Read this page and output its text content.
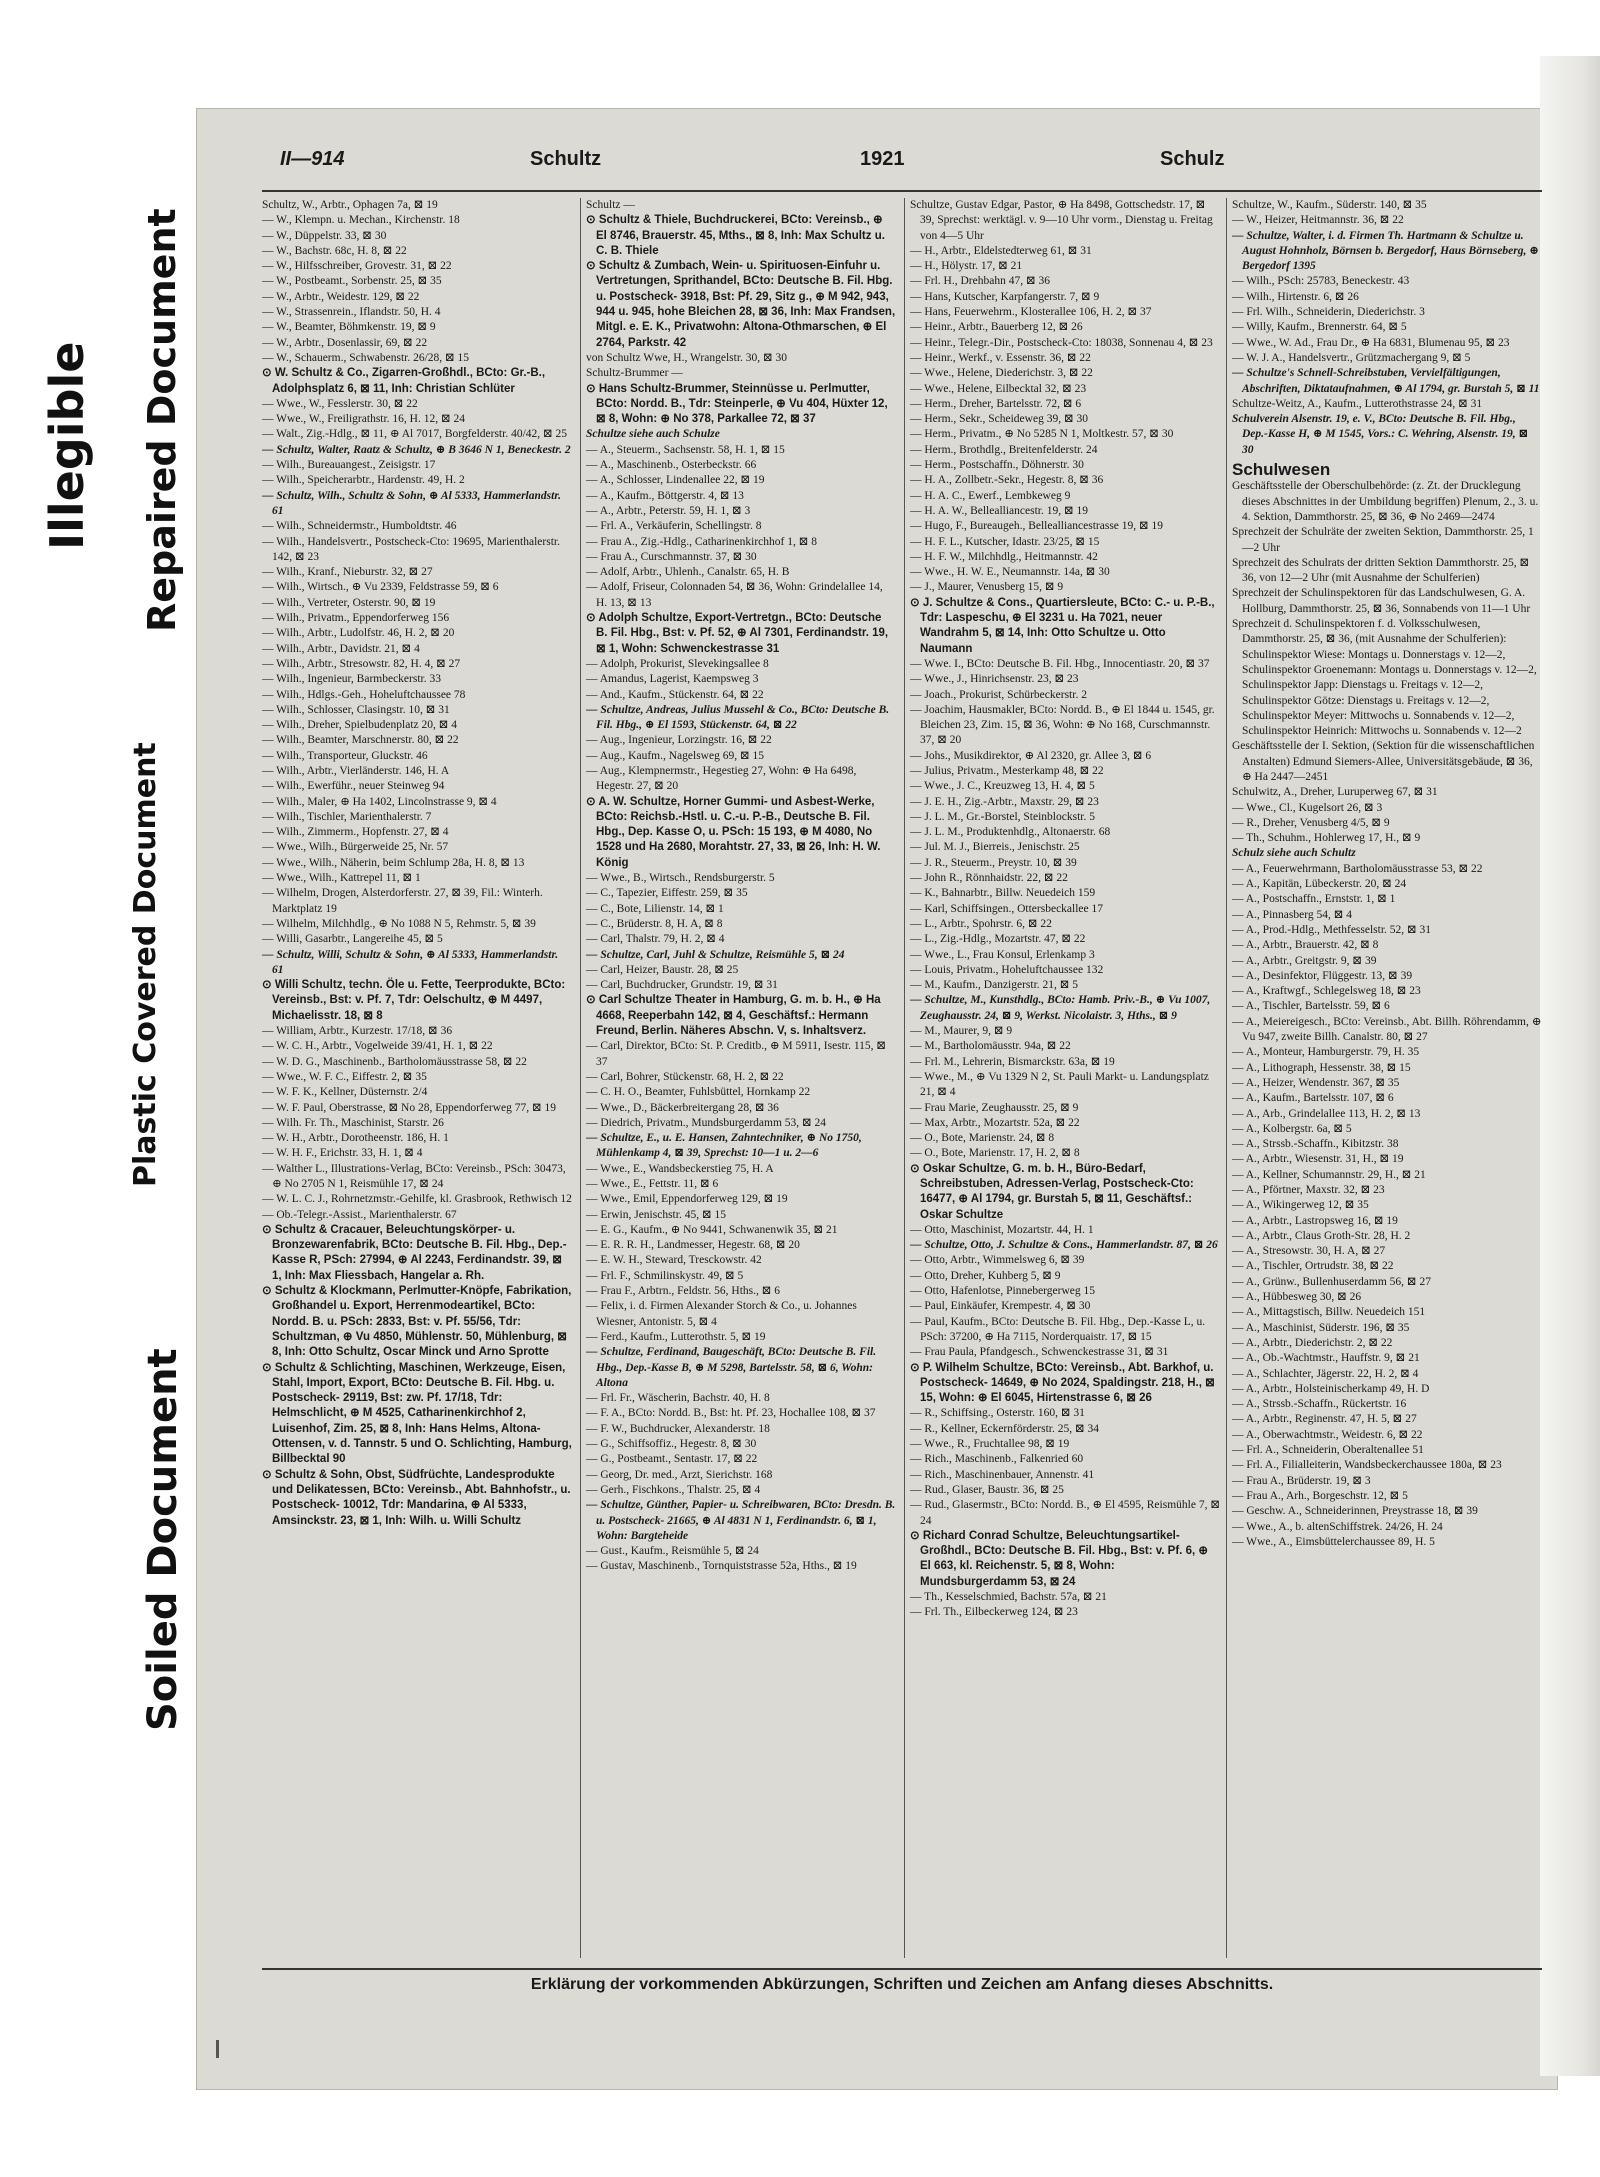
Illegible Repaired Document
Plastic Covered Document
Soiled Document
II—914	Schultz	1921	Schulz
Schultz, W., Arbtr., Ophagen 7a, ⊠ 19
— W., Klempn. u. Mechan., Kirchenstr. 18
— W., Düppelstr. 33, ⊠ 30
— W., Bachstr. 68c, H. 8, ⊠ 22
— W., Hilfsschreiber, Grovestr. 31, ⊠ 22
— W., Postbeamt., Sorbenstr. 25, ⊠ 35
— W., Arbtr., Weidestr. 129, ⊠ 22
— W., Strassenrein., Iflandstr. 50, H. 4
— W., Beamter, Böhmkenstr. 19, ⊠ 9
— W., Arbtr., Dosenlassir, 69, ⊠ 22
— W., Schauerm., Schwabenstr. 26/28, ⊠ 15
⊙ W. Schultz & Co., Zigarren-Großhdl., BCto: Gr.-B., Adolphsplatz 6, ⊠ 11, Inh: Christian Schlüter
— Wwe., W., Fesslerstr. 30, ⊠ 22
— Wwe., W., Freiligrathstr. 16, H. 12, ⊠ 24
— Walt., Zig.-Hdlg., ⊠ 11, ⊕ Al 7017, Borgfelderstr. 40/42, ⊠ 25
— Schultz, Walter, Raatz & Schultz, ⊕ B 3646 N 1, Beneckestr. 2
— Wilh., Bureauangest., Zeisigstr. 17
— Wilh., Speicherarbtr., Hardenstr. 49, H. 2
— Schultz, Wilh., Schultz & Sohn, ⊕ Al 5333, Hammerlandstr. 61
— Wilh., Schneidermstr., Humboldtstr. 46
— Wilh., Handelsvertr., Postscheck-Cto: 19695, Marienthalerstr. 142, ⊠ 23
— Wilh., Kranf., Nieburstr. 32, ⊠ 27
— Wilh., Wirtsch., ⊕ Vu 2339, Feldstrasse 59, ⊠ 6
— Wilh., Vertreter, Osterstr. 90, ⊠ 19
— Wilh., Privatm., Eppendorferweg 156
— Wilh., Arbtr., Ludolfstr. 46, H. 2, ⊠ 20
— Wilh., Arbtr., Davidstr. 21, ⊠ 4
— Wilh., Arbtr., Stresowstr. 82, H. 4, ⊠ 27
— Wilh., Ingenieur, Barmbeckerstr. 33
— Wilh., Hdlgs.-Geh., Hoheluftchaussee 78
— Wilh., Schlosser, Clasingstr. 10, ⊠ 31
— Wilh., Dreher, Spielbudenplatz 20, ⊠ 4
— Wilh., Beamter, Marschnerstr. 80, ⊠ 22
— Wilh., Transporteur, Gluckstr. 46
— Wilh., Arbtr., Vierländerstr. 146, H. A
— Wilh., Ewerführ., neuer Steinweg 94
— Wilh., Maler, ⊕ Ha 1402, Lincolnstrasse 9, ⊠ 4
— Wilh., Tischler, Marienthalerstr. 7
— Wilh., Zimmerm., Hopfenstr. 27, ⊠ 4
— Wwe., Wilh., Bürgerweide 25, Nr. 57
— Wwe., Wilh., Näherin, beim Schlump 28a, H. 8, ⊠ 13
— Wwe., Wilh., Kattrepel 11, ⊠ 1
— Wilhelm, Drogen, Alsterdorferstr. 27, ⊠ 39, Fil.: Winterh. Marktplatz 19
— Wilhelm, Milchhdlg., ⊕ No 1088 N 5, Rehmstr. 5, ⊠ 39
— Willi, Gasarbtr., Langereihe 45, ⊠ 5
— Schultz, Willi, Schultz & Sohn, ⊕ Al 5333, Hammerlandstr. 61
⊙ Willi Schultz, techn. Öle u. Fette, Teerprodukte, BCto: Vereinsb., Bst: v. Pf. 7, Tdr: Oelschultz, ⊕ M 4497, Michaelisstr. 18, ⊠ 8
— William, Arbtr., Kurzestr. 17/18, ⊠ 36
— W. C. H., Arbtr., Vogelweide 39/41, H. 1, ⊠ 22
— W. D. G., Maschinenb., Bartholomäusstrasse 58, ⊠ 22
— Wwe., W. F. C., Eiffestr. 2, ⊠ 35
— W. F. K., Kellner, Düsternstr. 2/4
— W. F. Paul, Oberstrasse, ⊠ No 28, Eppendorferweg 77, ⊠ 19
— Wilh. Fr. Th., Maschinist, Starstr. 26
— W. H., Arbtr., Dorotheenstr. 186, H. 1
— W. H. F., Erichstr. 33, H. 1, ⊠ 4
— Walther L., Illustrations-Verlag, BCto: Vereinsb., PSch: 30473, ⊕ No 2705 N 1, Reismühle 17, ⊠ 24
— W. L. C. J., Rohrnetzmstr.-Gehilfe, kl. Grasbrook, Rethwisch 12
— Ob.-Telegr.-Assist., Marienthalerstr. 67
⊙ Schultz & Cracauer, Beleuchtungskörper- u. Bronzewarenfabrik, BCto: Deutsche B. Fil. Hbg., Dep.-Kasse R, PSch: 27994, ⊕ Al 2243, Ferdinandstr. 39, ⊠ 1, Inh: Max Fliessbach, Hangelar a. Rh.
⊙ Schultz & Klockmann, Perlmutter-Knöpfe, Fabrikation, Großhandel u. Export, Herrenmodeartikel, BCto: Nordd. B. u. PSch: 2833, Bst: v. Pf. 55/56, Tdr: Schultzman, ⊕ Vu 4850, Mühlenstr. 50, Mühlenburg, ⊠ 8, Inh: Otto Schultz, Oscar Minck und Arno Sprotte
⊙ Schultz & Schlichting, Maschinen, Werkzeuge, Eisen, Stahl, Import, Export, BCto: Deutsche B. Fil. Hbg. u. Postscheck- 29119, Bst: zw. Pf. 17/18, Tdr: Helmschlicht, ⊕ M 4525, Catharinenkirchhof 2, Luisenhof, Zim. 25, ⊠ 8, Inh: Hans Helms, Altona-Ottensen, v. d. Tannstr. 5 und O. Schlichting, Hamburg, Billbecktal 90
⊙ Schultz & Sohn, Obst, Südfrüchte, Landesprodukte und Delikatessen, BCto: Vereinsb., Abt. Bahnhofstr., u. Postscheck- 10012, Tdr: Mandarina, ⊕ Al 5333, Amsinckstr. 23, ⊠ 1, Inh: Wilh. u. Willi Schultz
Schultz —
⊙ Schultz & Thiele, Buchdruckerei, BCto: Vereinsb., ⊕ El 8746, Brauerstr. 45, Mths., ⊠ 8, Inh: Max Schultz u. C. B. Thiele
⊙ Schultz & Zumbach, Wein- u. Spirituosen-Einfuhr u. Vertretungen, Sprithandel, BCto: Deutsche B. Fil. Hbg. u. Postscheck- 3918, Bst: Pf. 29, Sitz g., ⊕ M 942, 943, 944 u. 945, hohe Bleichen 28, ⊠ 36, Inh: Max Frandsen, Mitgl. e. E. K., Privatwohn: Altona-Othmarschen, ⊕ El 2764, Parkstr. 42
von Schultz Wwe, H., Wrangelstr. 30, ⊠ 30
Schultz-Brummer —
⊙ Hans Schultz-Brummer, Steinnüsse u. Perlmutter, BCto: Nordd. B., Tdr: Steinperle, ⊕ Vu 404, Hüxter 12, ⊠ 8, Wohn: ⊕ No 378, Parkallee 72, ⊠ 37
Schultze siehe auch Schulze
— A., Steuerm., Sachsenstr. 58, H. 1, ⊠ 15
— A., Maschinenb., Osterbeckstr. 66
— A., Schlosser, Lindenallee 22, ⊠ 19
— A., Kaufm., Böttgerstr. 4, ⊠ 13
— A., Arbtr., Peterstr. 59, H. 1, ⊠ 3
— Frl. A., Verkäuferin, Schellingstr. 8
— Frau A., Zig.-Hdlg., Catharinenkirchhof 1, ⊠ 8
— Frau A., Curschmannstr. 37, ⊠ 30
— Adolf, Arbtr., Uhlenh., Canalstr. 65, H. B
— Adolf, Friseur, Colonnaden 54, ⊠ 36, Wohn: Grindelallee 14, H. 13, ⊠ 13
⊙ Adolph Schultze, Export-Vertretgn., BCto: Deutsche B. Fil. Hbg., Bst: v. Pf. 52, ⊕ Al 7301, Ferdinandstr. 19, ⊠ 1, Wohn: Schwenckestrasse 31
— Adolph, Prokurist, Slevekingsallee 8
— Amandus, Lagerist, Kaempsweg 3
— And., Kaufm., Stückenstr. 64, ⊠ 22
— Schultze, Andreas, Julius Mussehl & Co., BCto: Deutsche B. Fil. Hbg., ⊕ El 1593, Stückenstr. 64, ⊠ 22
— Aug., Ingenieur, Lorzingstr. 16, ⊠ 22
— Aug., Kaufm., Nagelsweg 69, ⊠ 15
— Aug., Klempnermstr., Hegestieg 27, Wohn: ⊕ Ha 6498, Hegestr. 27, ⊠ 20
⊙ A. W. Schultze, Horner Gummi- und Asbest-Werke, BCto: Reichsb.-Hstl. u. C.-u. P.-B., Deutsche B. Fil. Hbg., Dep. Kasse O, u. PSch: 15 193, ⊕ M 4080, No 1528 und Ha 2680, Morahtstr. 27, 33, ⊠ 26, Inh: H. W. König
— Wwe., B., Wirtsch., Rendsburgerstr. 5
— C., Tapezier, Eiffestr. 259, ⊠ 35
— C., Bote, Lilienstr. 14, ⊠ 1
— C., Brüderstr. 8, H. A, ⊠ 8
— Carl, Thalstr. 79, H. 2, ⊠ 4
— Schultze, Carl, Juhl & Schultze, Reismühle 5, ⊠ 24
— Carl, Heizer, Baustr. 28, ⊠ 25
— Carl, Buchdrucker, Grundstr. 19, ⊠ 31
⊙ Carl Schultze Theater in Hamburg, G. m. b. H., ⊕ Ha 4668, Reeperbahn 142, ⊠ 4, Geschäftsf.: Hermann Freund, Berlin. Näheres Abschn. V, s. Inhaltsverz.
— Carl, Direktor, BCto: St. P. Creditb., ⊕ M 5911, Isestr. 115, ⊠ 37
— Carl, Bohrer, Stückenstr. 68, H. 2, ⊠ 22
— C. H. O., Beamter, Fuhlsbüttel, Hornkamp 22
— Wwe., D., Bäckerbreitergang 28, ⊠ 36
— Diedrich, Privatm., Mundsburgerdamm 53, ⊠ 24
— Schultze, E., u. E. Hansen, Zahntechniker, ⊕ No 1750, Mühlenkamp 4, ⊠ 39, Sprechst: 10—1 u. 2—6
— Wwe., E., Wandsbeckerstieg 75, H. A
— Wwe., E., Fettstr. 11, ⊠ 6
— Wwe., Emil, Eppendorferweg 129, ⊠ 19
— Erwin, Jenischstr. 45, ⊠ 15
— E. G., Kaufm., ⊕ No 9441, Schwanenwik 35, ⊠ 21
— E. R. R. H., Landmesser, Hegestr. 68, ⊠ 20
— E. W. H., Steward, Tresckowstr. 42
— Frl. F., Schmilinskystr. 49, ⊠ 5
— Frau F., Arbtrn., Feldstr. 56, Hths., ⊠ 6
— Felix, i. d. Firmen Alexander Storch & Co., u. Johannes Wiesner, Antonistr. 5, ⊠ 4
— Ferd., Kaufm., Lutterothstr. 5, ⊠ 19
— Schultze, Ferdinand, Baugeschäft, BCto: Deutsche B. Fil. Hbg., Dep.-Kasse B, ⊕ M 5298, Bartelsstr. 58, ⊠ 6, Wohn: Altona
— Frl. Fr., Wäscherin, Bachstr. 40, H. 8
— F. A., BCto: Nordd. B., Bst: ht. Pf. 23, Hochallee 108, ⊠ 37
— F. W., Buchdrucker, Alexanderstr. 18
— G., Schiffsoffiz., Hegestr. 8, ⊠ 30
— G., Postbeamt., Sentastr. 17, ⊠ 22
— Georg, Dr. med., Arzt, Sierichstr. 168
— Gerh., Fischkons., Thalstr. 25, ⊠ 4
— Schultze, Günther, Papier- u. Schreibwaren, BCto: Dresdn. B. u. Postscheck- 21665, ⊕ Al 4831 N 1, Ferdinandstr. 6, ⊠ 1, Wohn: Bargteheide
— Gust., Kaufm., Reismühle 5, ⊠ 24
— Gustav, Maschinenb., Tornquiststrasse 52a, Hths., ⊠ 19
Schultze, Gustav Edgar, Pastor, ⊕ Ha 8498, Gottschedstr. 17, ⊠ 39, Sprechst: werktägl. v. 9—10 Uhr vorm., Dienstag u. Freitag von 4—5 Uhr
— H., Arbtr., Eldelstedterweg 61, ⊠ 31
— H., Hölystr. 17, ⊠ 21
— Frl. H., Drehbahn 47, ⊠ 36
— Hans, Kutscher, Karpfangerstr. 7, ⊠ 9
— Hans, Feuerwehrm., Klosterallee 106, H. 2, ⊠ 37
— Heinr., Arbtr., Bauerberg 12, ⊠ 26
— Heinr., Telegr.-Dir., Postscheck-Cto: 18038, Sonnenau 4, ⊠ 23
— Heinr., Werkf., v. Essenstr. 36, ⊠ 22
— Wwe., Helene, Diederichstr. 3, ⊠ 22
— Wwe., Helene, Eilbecktal 32, ⊠ 23
— Herm., Dreher, Bartelsstr. 72, ⊠ 6
— Herm., Sekr., Scheideweg 39, ⊠ 30
— Herm., Privatm., ⊕ No 5285 N 1, Moltkestr. 57, ⊠ 30
— Herm., Brothdlg., Breitenfelderstr. 24
— Herm., Postschaffn., Döhnerstr. 30
— H. A., Zollbetr.-Sekr., Hegestr. 8, ⊠ 36
— H. A. C., Ewerf., Lembkeweg 9
— H. A. W., Bellealliancestr. 19, ⊠ 19
— Hugo, F., Bureaugeh., Bellealliancestrasse 19, ⊠ 19
— H. F. L., Kutscher, Idastr. 23/25, ⊠ 15
— H. F. W., Milchhdlg., Heitmannstr. 42
— Wwe., H. W. E., Neumannstr. 14a, ⊠ 30
— J., Maurer, Venusberg 15, ⊠ 9
⊙ J. Schultze & Cons., Quartiersleute, BCto: C.- u. P.-B., Tdr: Laspeschu, ⊕ El 3231 u. Ha 7021, neuer Wandrahm 5, ⊠ 14, Inh: Otto Schultze u. Otto Naumann
— Wwe. I., BCto: Deutsche B. Fil. Hbg., Innocentiastr. 20, ⊠ 37
— Wwe., J., Hinrichsenstr. 23, ⊠ 23
— Joach., Prokurist, Schürbeckerstr. 2
— Joachim, Hausmakler, BCto: Nordd. B., ⊕ El 1844 u. 1545, gr. Bleichen 23, Zim. 15, ⊠ 36, Wohn: ⊕ No 168, Curschmannstr. 37, ⊠ 20
— Johs., Musikdirektor, ⊕ Al 2320, gr. Allee 3, ⊠ 6
— Julius, Privatm., Mesterkamp 48, ⊠ 22
— Wwe., J. C., Kreuzweg 13, H. 4, ⊠ 5
— J. E. H., Zig.-Arbtr., Maxstr. 29, ⊠ 23
— J. L. M., Gr.-Borstel, Steinblockstr. 5
— J. L. M., Produktenhdlg., Altonaerstr. 68
— Jul. M. J., Bierreis., Jenischstr. 25
— J. R., Steuerm., Preystr. 10, ⊠ 39
— John R., Rönnhaidstr. 22, ⊠ 22
— K., Bahnarbtr., Billw. Neuedeich 159
— Karl, Schiffsingen., Ottersbeckallee 17
— L., Arbtr., Spohrstr. 6, ⊠ 22
— L., Zig.-Hdlg., Mozartstr. 47, ⊠ 22
— Wwe., L., Frau Konsul, Erlenkamp 3
— Louis, Privatm., Hoheluftchaussee 132
— M., Kaufm., Danzigerstr. 21, ⊠ 5
— Schultze, M., Kunsthdlg., BCto: Hamb. Priv.-B., ⊕ Vu 1007, Zeughausstr. 24, ⊠ 9, Werkst. Nicolaistr. 3, Hths., ⊠ 9
— M., Maurer, 9, ⊠ 9
— M., Bartholomäusstr. 94a, ⊠ 22
— Frl. M., Lehrerin, Bismarckstr. 63a, ⊠ 19
— Wwe., M., ⊕ Vu 1329 N 2, St. Pauli Markt- u. Landungsplatz 21, ⊠ 4
— Frau Marie, Zeughausstr. 25, ⊠ 9
— Max, Arbtr., Mozartstr. 52a, ⊠ 22
— O., Bote, Marienstr. 24, ⊠ 8
— O., Bote, Marienstr. 17, H. 2, ⊠ 8
⊙ Oskar Schultze, G. m. b. H., Büro-Bedarf, Schreibstuben, Adressen-Verlag, Postscheck-Cto: 16477, ⊕ Al 1794, gr. Burstah 5, ⊠ 11, Geschäftsf.: Oskar Schultze
— Otto, Maschinist, Mozartstr. 44, H. 1
— Schultze, Otto, J. Schultze & Cons., Hammerlandstr. 87, ⊠ 26
— Otto, Arbtr., Wimmelsweg 6, ⊠ 39
— Otto, Dreher, Kuhberg 5, ⊠ 9
— Otto, Hafenlotse, Pinnebergerweg 15
— Paul, Einkäufer, Krempestr. 4, ⊠ 30
— Paul, Kaufm., BCto: Deutsche B. Fil. Hbg., Dep.-Kasse L, u. PSch: 37200, ⊕ Ha 7115, Norderquaistr. 17, ⊠ 15
— Frau Paula, Pfandgesch., Schwenckestrasse 31, ⊠ 31
⊙ P. Wilhelm Schultze, BCto: Vereinsb., Abt. Barkhof, u. Postscheck- 14649, ⊕ No 2024, Spaldingstr. 218, H., ⊠ 15, Wohn: ⊕ El 6045, Hirtenstrasse 6, ⊠ 26
— R., Schiffsing., Osterstr. 160, ⊠ 31
— R., Kellner, Eckernförderstr. 25, ⊠ 34
— Wwe., R., Fruchtallee 98, ⊠ 19
— Rich., Maschinenb., Falkenried 60
— Rich., Maschinenbauer, Annenstr. 41
— Rud., Glaser, Baustr. 36, ⊠ 25
— Rud., Glasermstr., BCto: Nordd. B., ⊕ El 4595, Reismühle 7, ⊠ 24
⊙ Richard Conrad Schultze, Beleuchtungsartikel-Großhdl., BCto: Deutsche B. Fil. Hbg., Bst: v. Pf. 6, ⊕ El 663, kl. Reichenstr. 5, ⊠ 8, Wohn: Mundsburgerdamm 53, ⊠ 24
— Th., Kesselschmied, Bachstr. 57a, ⊠ 21
— Frl. Th., Eilbeckerweg 124, ⊠ 23
Schultze, W., Kaufm., Süderstr. 140, ⊠ 35
— W., Heizer, Heitmannstr. 36, ⊠ 22
— Schultze, Walter, i. d. Firmen Th. Hartmann & Schultze u. August Hohnholz, Börnsen b. Bergedorf, Haus Börnseberg, ⊕ Bergedorf 1395
— Wilh., PSch: 25783, Beneckestr. 43
— Wilh., Hirtenstr. 6, ⊠ 26
— Frl. Wilh., Schneiderin, Diederichstr. 3
— Willy, Kaufm., Brennerstr. 64, ⊠ 5
— Wwe., W. Ad., Frau Dr., ⊕ Ha 6831, Blumenau 95, ⊠ 23
— W. J. A., Handelsvertr., Grützmachergang 9, ⊠ 5
— Schultze's Schnell-Schreibstuben, Vervielfältigungen, Abschriften, Diktataufnahmen, ⊕ Al 1794, gr. Burstah 5, ⊠ 11
Schultze-Weitz, A., Kaufm., Lutterothstrasse 24, ⊠ 31
Schulverein Alsenstr. 19, e. V., BCto: Deutsche B. Fil. Hbg., Dep.-Kasse H, ⊕ M 1545, Vors.: C. Wehring, Alsenstr. 19, ⊠ 30
Schulwesen
Geschäftsstelle der Oberschulbehörde: (z. Zt. der Drucklegung dieses Abschnittes in der Umbildung begriffen) Plenum, 2., 3. u. 4. Sektion, Dammthorstr. 25, ⊠ 36, ⊕ No 2469—2474
Sprechzeit der Schulräte der zweiten Sektion, Dammthorstr. 25, 1—2 Uhr
Sprechzeit des Schulrats der dritten Sektion Dammthorstr. 25, ⊠ 36, von 12—2 Uhr (mit Ausnahme der Schulferien)
Sprechzeit der Schulinspektoren für das Landschulwesen, G. A. Hollburg, Dammthorstr. 25, ⊠ 36, Sonnabends von 11—1 Uhr
Sprechzeit d. Schulinspektoren f. d. Volksschulwesen, Dammthorstr. 25, ⊠ 36, (mit Ausnahme der Schulferien): Schulinspektor Wiese: Montags u. Donnerstags v. 12—2, Schulinspektor Groenemann: Montags u. Donnerstags v. 12—2, Schulinspektor Japp: Dienstags u. Freitags v. 12—2, Schulinspektor Götze: Dienstags u. Freitags v. 12—2, Schulinspektor Meyer: Mittwochs u. Sonnabends v. 12—2, Schulinspektor Heinrich: Mittwochs u. Sonnabends v. 12—2
Geschäftsstelle der I. Sektion, (Sektion für die wissenschaftlichen Anstalten) Edmund Siemers-Allee, Universitätsgebäude, ⊠ 36, ⊕ Ha 2447—2451
Schulwitz, A., Dreher, Luruperweg 67, ⊠ 31
— Wwe., Cl., Kugelsort 26, ⊠ 3
— R., Dreher, Venusberg 4/5, ⊠ 9
— Th., Schuhm., Hohlerweg 17, H., ⊠ 9
Schulz siehe auch Schultz
— A., Feuerwehrmann, Bartholomäusstrasse 53, ⊠ 22
— A., Kapitän, Lübeckerstr. 20, ⊠ 24
— A., Postschaffn., Ernststr. 1, ⊠ 1
— A., Pinnasberg 54, ⊠ 4
— A., Prod.-Hdlg., Methfesselstr. 52, ⊠ 31
— A., Arbtr., Brauerstr. 42, ⊠ 8
— A., Arbtr., Greitgstr. 9, ⊠ 39
— A., Desinfektor, Flüggestr. 13, ⊠ 39
— A., Kraftwgf., Schlegelsweg 18, ⊠ 23
— A., Tischler, Bartelsstr. 59, ⊠ 6
— A., Meiereigesch., BCto: Vereinsb., Abt. Billh. Röhrendamm, ⊕ Vu 947, zweite Billh. Canalstr. 80, ⊠ 27
— A., Monteur, Hamburgerstr. 79, H. 35
— A., Lithograph, Hessenstr. 38, ⊠ 15
— A., Heizer, Wendenstr. 367, ⊠ 35
— A., Kaufm., Bartelsstr. 107, ⊠ 6
— A., Arb., Grindelallee 113, H. 2, ⊠ 13
— A., Kolbergstr. 6a, ⊠ 5
— A., Strssb.-Schaffn., Kibitzstr. 38
— A., Arbtr., Wiesenstr. 31, H., ⊠ 19
— A., Kellner, Schumannstr. 29, H., ⊠ 21
— A., Pförtner, Maxstr. 32, ⊠ 23
— A., Wikingerweg 12, ⊠ 35
— A., Arbtr., Lastropsweg 16, ⊠ 19
— A., Arbtr., Claus Groth-Str. 28, H. 2
— A., Stresowstr. 30, H. A, ⊠ 27
— A., Tischler, Ortrudstr. 38, ⊠ 22
— A., Grünw., Bullenhuserdamm 56, ⊠ 27
— A., Hübbesweg 30, ⊠ 26
— A., Mittagstisch, Billw. Neuedeich 151
— A., Maschinist, Süderstr. 196, ⊠ 35
— A., Arbtr., Diederichstr. 2, ⊠ 22
— A., Ob.-Wachtmstr., Hauffstr. 9, ⊠ 21
— A., Schlachter, Jägerstr. 22, H. 2, ⊠ 4
— A., Arbtr., Holsteinischerkamp 49, H. D
— A., Strssb.-Schaffn., Rückertstr. 16
— A., Arbtr., Reginenstr. 47, H. 5, ⊠ 27
— A., Oberwachtmstr., Weidestr. 6, ⊠ 22
— Frl. A., Schneiderin, Oberaltenallee 51
— Frl. A., Filialleiterin, Wandsbeckerchaussee 180a, ⊠ 23
— Frau A., Brüderstr. 19, ⊠ 3
— Frau A., Arh., Borgeschstr. 12, ⊠ 5
— Geschw. A., Schneiderinnen, Preystrasse 18, ⊠ 39
— Wwe., A., b. altenSchiffstrek. 24/26, H. 24
— Wwe., A., Eimsbüttelerchaussee 89, H. 5
Erklärung der vorkommenden Abkürzungen, Schriften und Zeichen am Anfang dieses Abschnitts.
